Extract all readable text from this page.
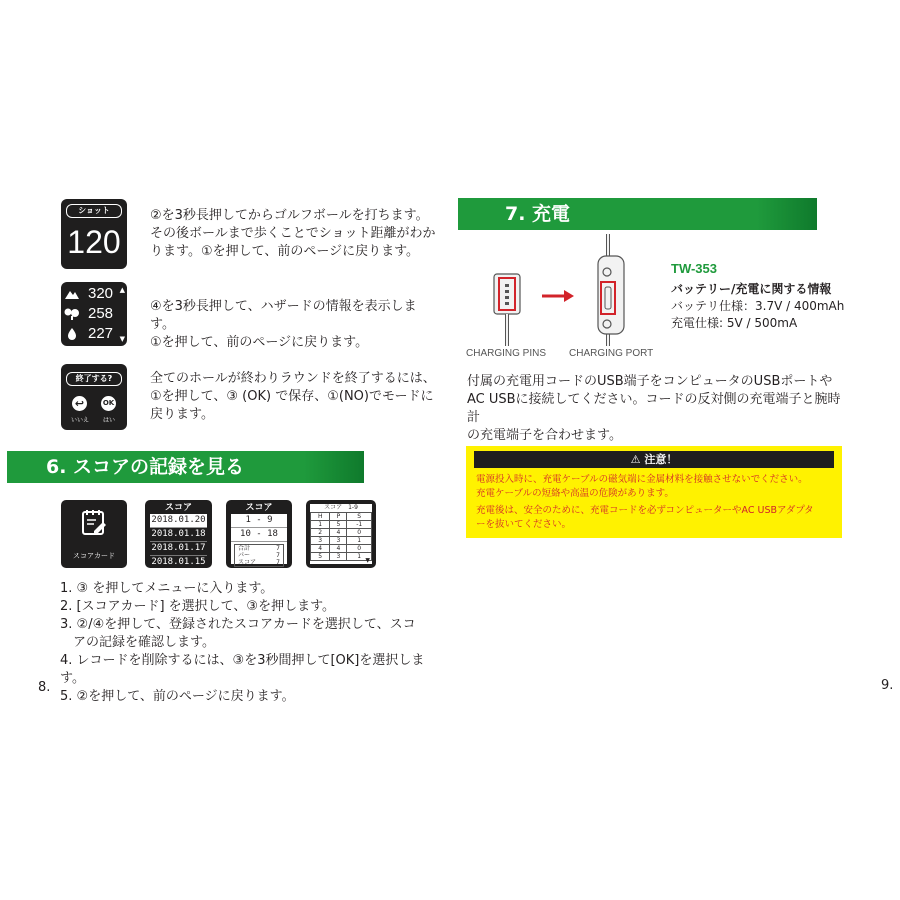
ショット
120
②を3秒長押してからゴルフボールを打ちます。
その後ボールまで歩くことでショット距離がわか
ります。①を押して、前のページに戻ります。
320 ▲
258
227 ▼
④を3秒長押して、ハザードの情報を表示します。
①を押して、前のページに戻ります。
終了する?
↩	OK
いいえ	はい
全てのホールが終わりラウンドを終了するには、
①を押して、③ (OK) で保存、①(NO)でモードに
戻ります。
6. スコアの記録を見る
スコアカード
スコア
2018.01.20
2018.01.18
2018.01.17
2018.01.15
スコア
1 - 9
10 - 18
合計	7
パー	7
スコア	7
スコア　1-9
H	P	S
1	5	-1
2	4	0
3	3	1
4	4	0
5	3	1
▼
1. ③ を押してメニューに入ります。
2. [スコアカード] を選択して、③を押します。
3. ②/④を押して、登録されたスコアカードを選択して、スコ
　アの記録を確認します。
4. レコードを削除するには、③を3秒間押して[OK]を選択します。
5. ②を押して、前のページに戻ります。
8.
7. 充電
CHARGING PINS CHARGING PORT
TW-353
バッテリー/充電に関する情報
バッテリ仕様：3.7V / 400mAh
充電仕様: 5V / 500mA
付属の充電用コードのUSB端子をコンピュータのUSBポートや
AC USBに接続してください。コードの反対側の充電端子と腕時計
の充電端子を合わせます。
⚠ 注意！

電源投入時に、充電ケーブルの磁気端に金属材料を接触させないでください。

充電ケーブルの短絡や高温の危険があります。

充電後は、安全のために、充電コードを必ずコンピューターやAC USBアダプタ

ーを抜いてください。

9.
